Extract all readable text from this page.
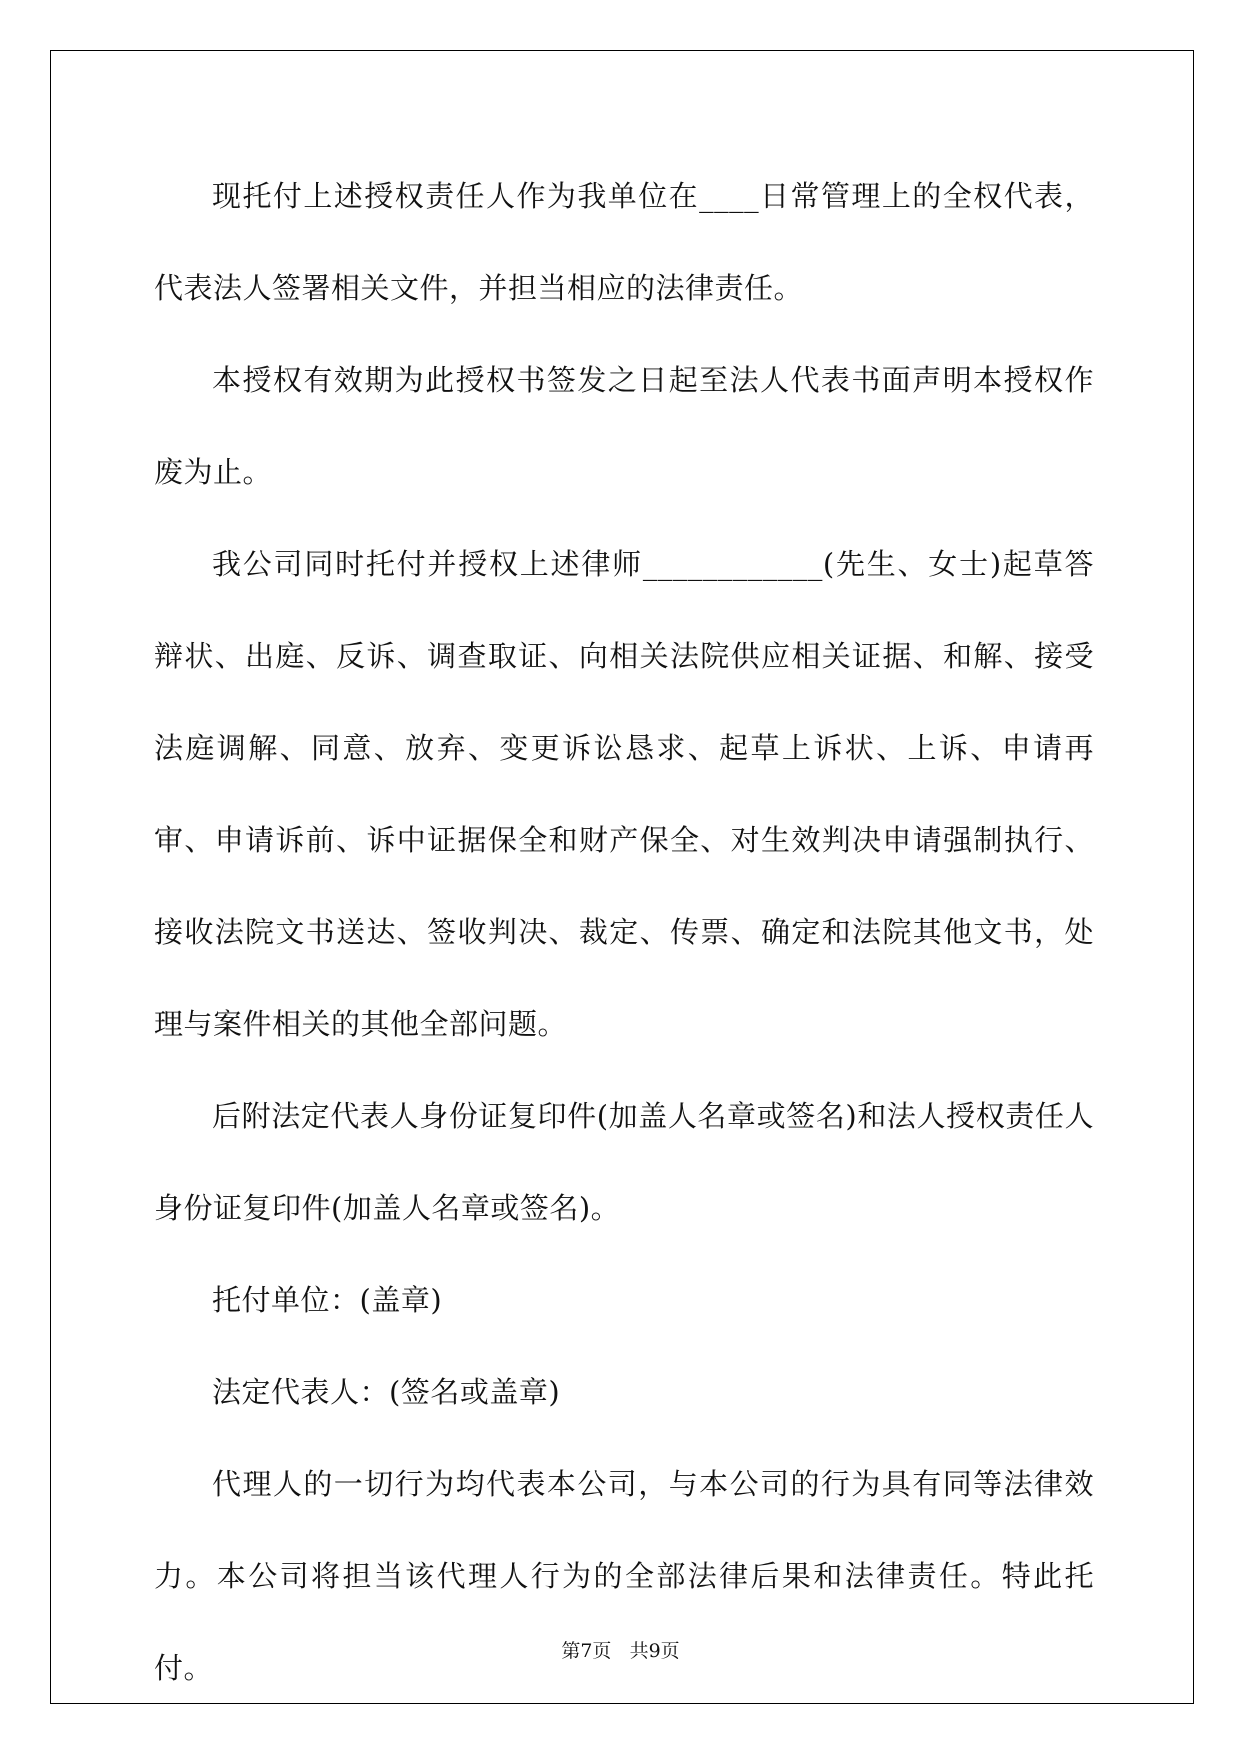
现托付上述授权责任人作为我单位在____日常管理上的全权代表，代表法人签署相关文件，并担当相应的法律责任。

本授权有效期为此授权书签发之日起至法人代表书面声明本授权作废为止。

我公司同时托付并授权上述律师____________(先生、女士)起草答辩状、出庭、反诉、调查取证、向相关法院供应相关证据、和解、接受法庭调解、同意、放弃、变更诉讼恳求、起草上诉状、上诉、申请再审、申请诉前、诉中证据保全和财产保全、对生效判决申请强制执行、接收法院文书送达、签收判决、裁定、传票、确定和法院其他文书，处理与案件相关的其他全部问题。

后附法定代表人身份证复印件(加盖人名章或签名)和法人授权责任人身份证复印件(加盖人名章或签名)。

托付单位：(盖章)

法定代表人：(签名或盖章)

代理人的一切行为均代表本公司，与本公司的行为具有同等法律效力。本公司将担当该代理人行为的全部法律后果和法律责任。特此托付。	第7页 共9页
